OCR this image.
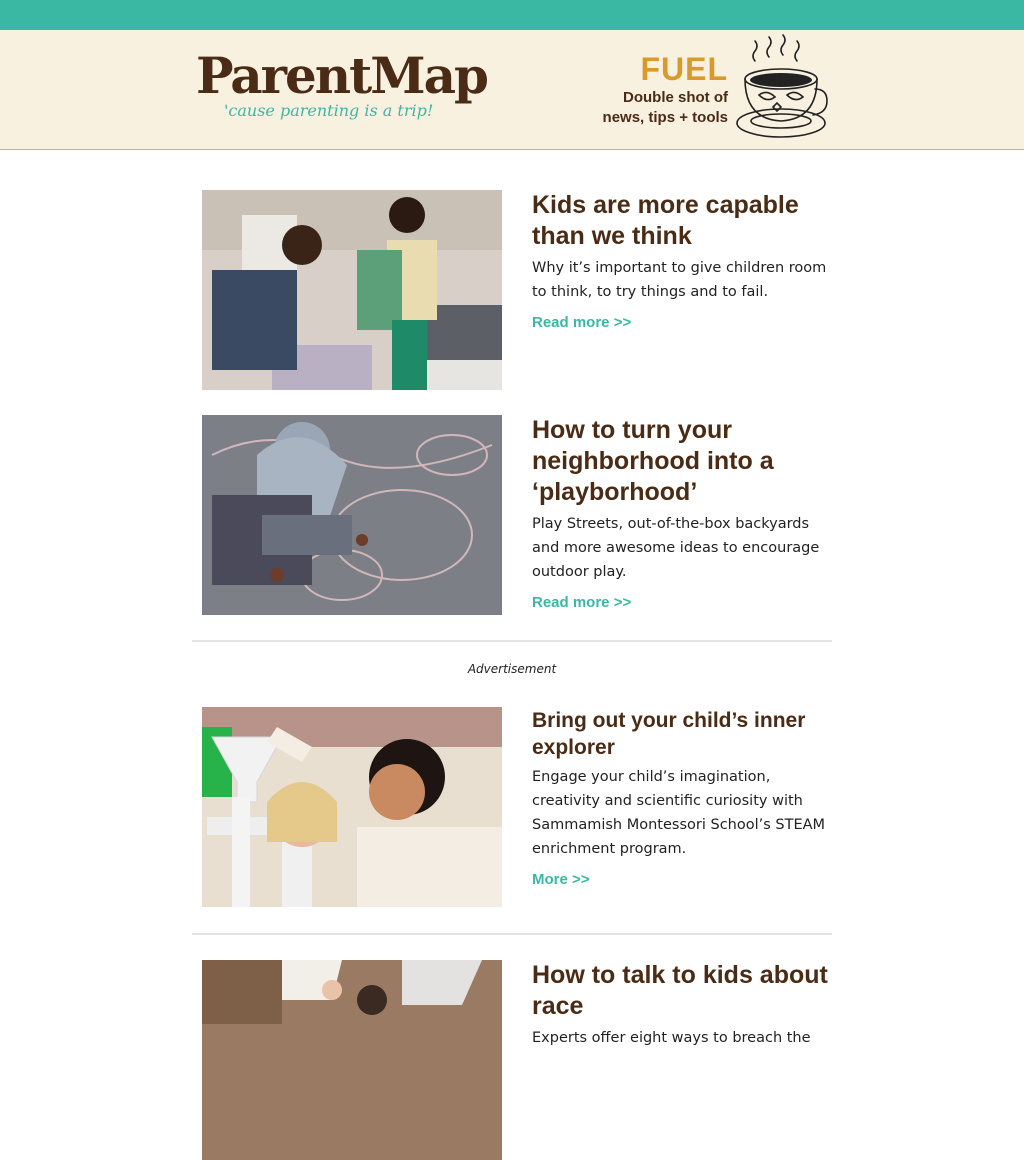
ParentMap
'cause parenting is a trip!
FUEL
Double shot of
news, tips + tools
Kids are more capable than we think
Why it’s important to give children room to think, to try things and to fail.
Read more >>
How to turn your neighborhood into a ‘playborhood’
Play Streets, out-of-the-box backyards and more awesome ideas to encourage outdoor play.
Read more >>
Advertisement
Bring out your child’s inner explorer
Engage your child’s imagination, creativity and scientific curiosity with Sammamish Montessori School’s STEAM enrichment program.
More >>
How to talk to kids about race
Experts offer eight ways to breach the
